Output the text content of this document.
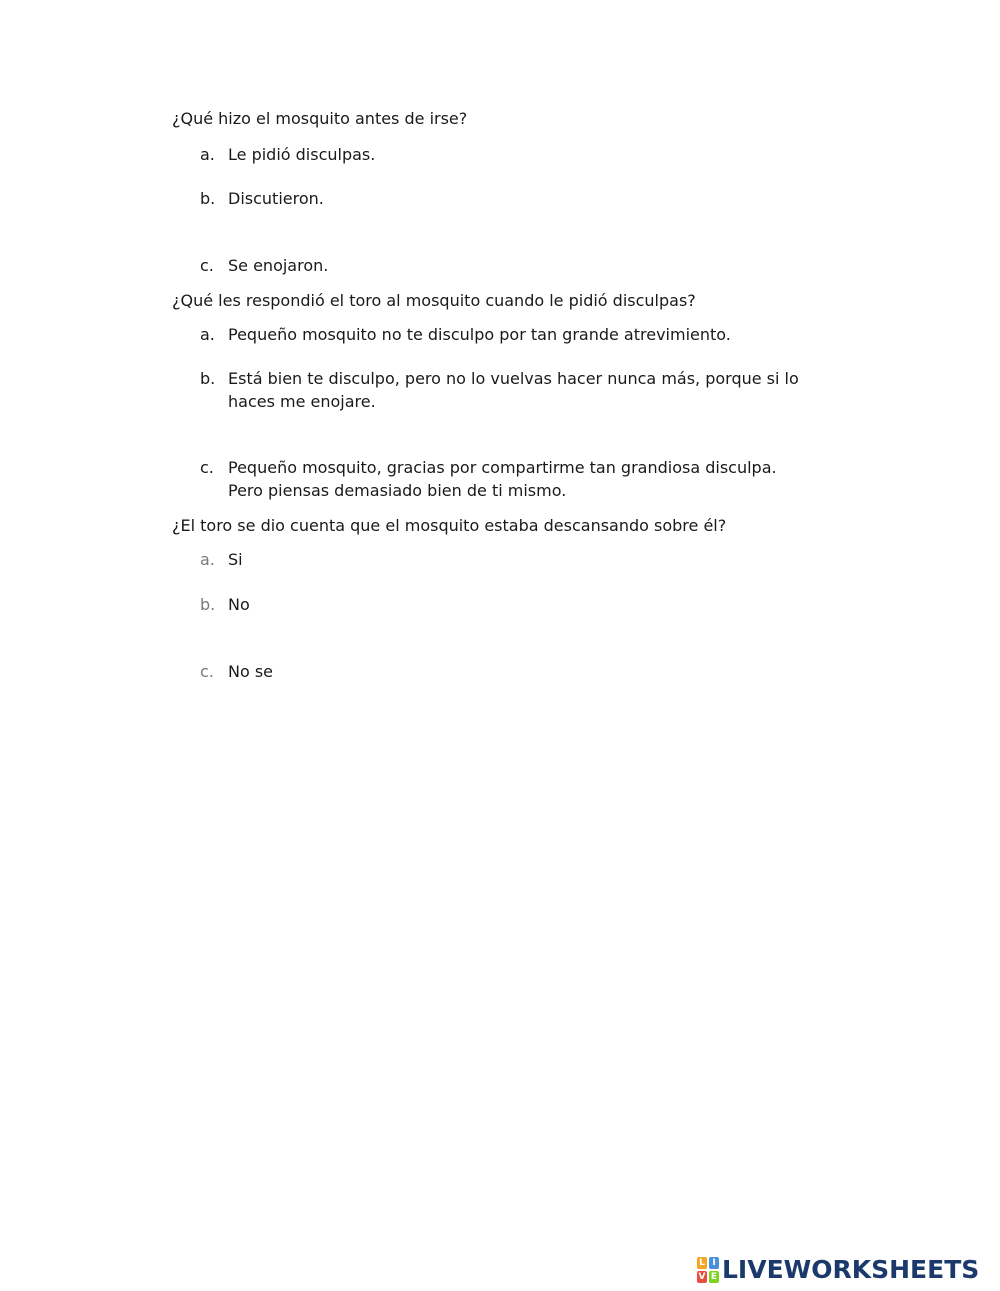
¿Qué hizo el mosquito antes de irse?
a. Le pidió disculpas.
b. Discutieron.
c. Se enojaron.
¿Qué les respondió el toro al mosquito cuando le pidió disculpas?
a. Pequeño mosquito no te disculpo por tan grande atrevimiento.
b. Está bien te disculpo, pero no lo vuelvas hacer nunca más, porque si lo haces me enojare.
c. Pequeño mosquito, gracias por compartirme tan grandiosa disculpa. Pero piensas demasiado bien de ti mismo.
¿El toro se dio cuenta que el mosquito estaba descansando sobre él?
a. Si
b. No
c. No se
L I
V E LIVEWORKSHEETS
